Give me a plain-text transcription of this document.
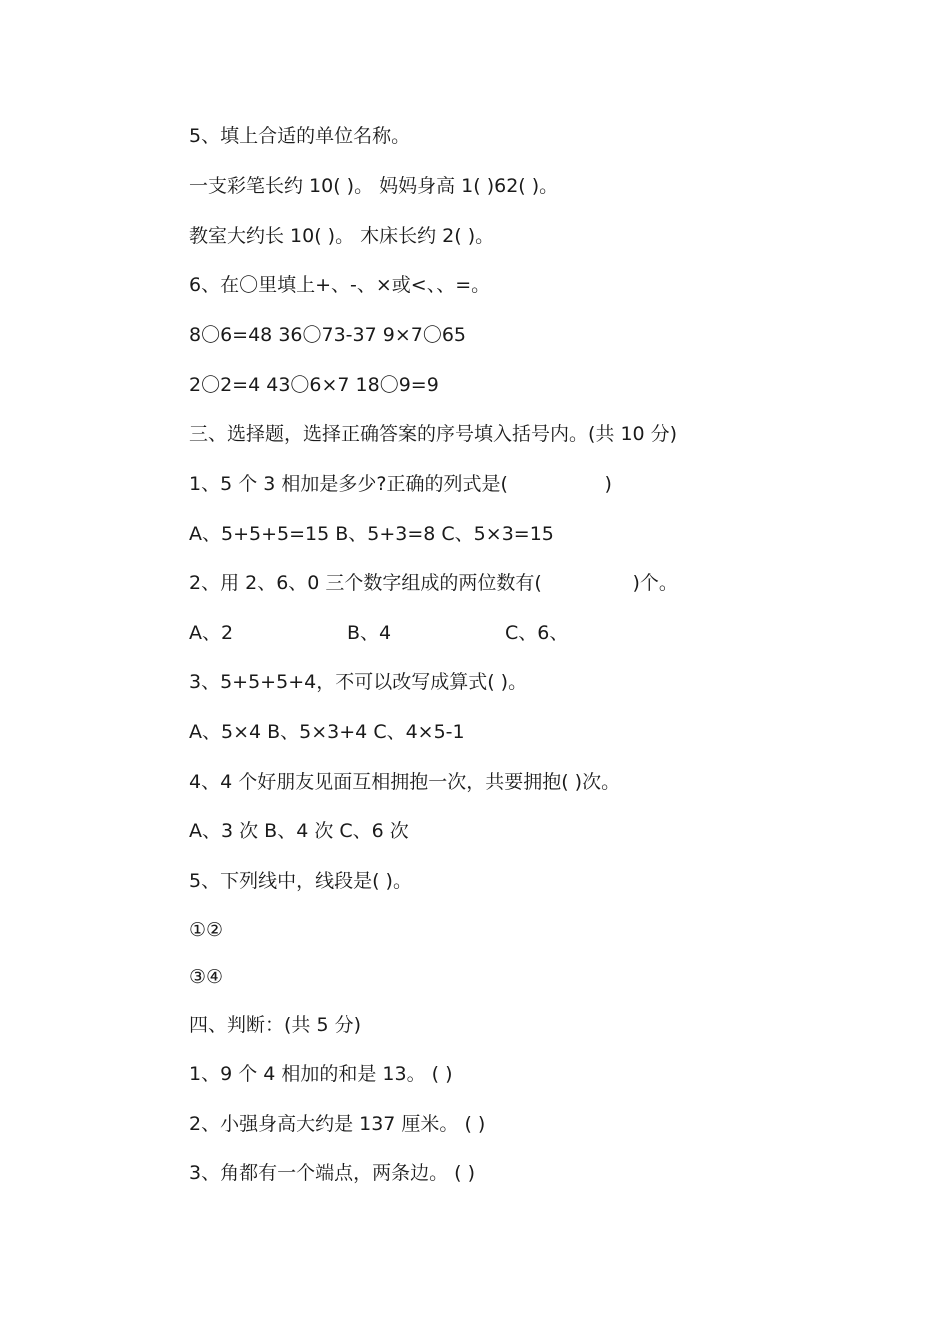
5、填上合适的单位名称。
一支彩笔长约 10( )。 妈妈身高 1( )62( )。
教室大约长 10( )。 木床长约 2( )。
6、在〇里填上+、-、×或<、、=。
8〇6=48 36〇73-37 9×7〇65
2〇2=4 43〇6×7 18〇9=9
三、选择题，选择正确答案的序号填入括号内。(共 10 分)
1、5 个 3 相加是多少?正确的列式是(                )
A、5+5+5=15 B、5+3=8 C、5×3=15
2、用 2、6、0 三个数字组成的两位数有(               )个。

A、2

	B、4

	C、6、

3、5+5+5+4，不可以改写成算式( )。
A、5×4 B、5×3+4 C、4×5-1
4、4 个好朋友见面互相拥抱一次，共要拥抱( )次。
A、3 次 B、4 次 C、6 次
5、下列线中，线段是( )。
①②
③④
四、判断：(共 5 分)
1、9 个 4 相加的和是 13。 ( )
2、小强身高大约是 137 厘米。 ( )
3、角都有一个端点，两条边。 ( )
